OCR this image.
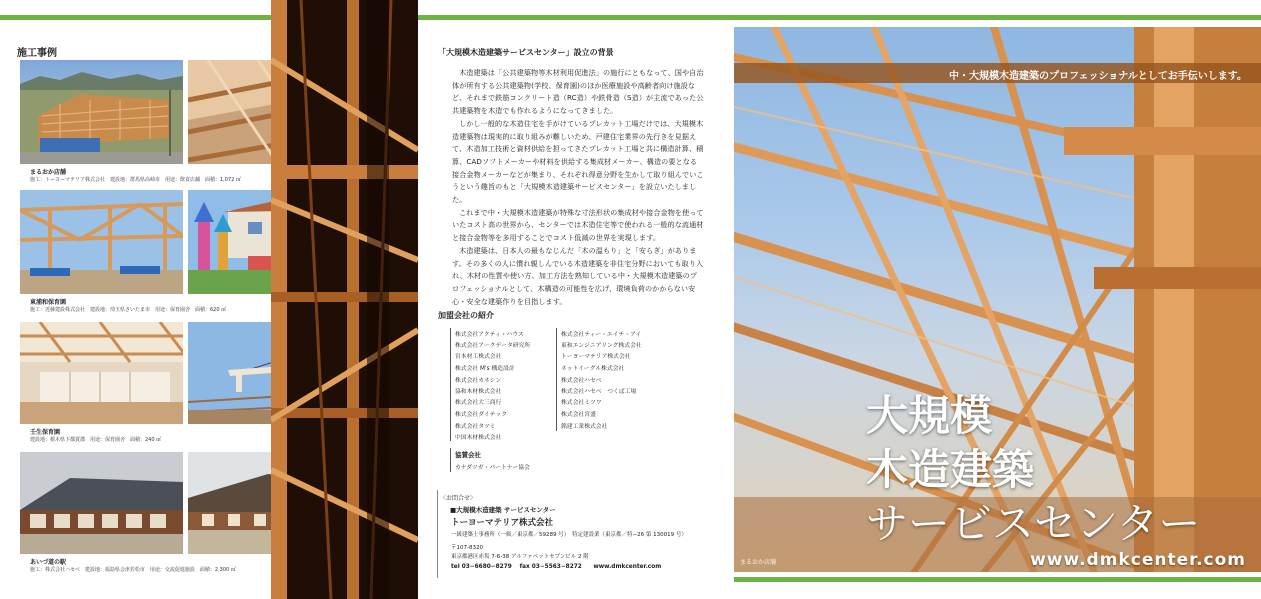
施工事例
まるおか店舗
施工：トーヨーマテリア株式会社　建設地：群馬県高崎市　用途：飲食店舗　面積：1,072 ㎡
東浦和保育園
施工：近藤建設株式会社　建設地：埼玉県さいたま市　用途：保育園舎　面積：620 ㎡
壬生保育園
建設地：栃木県下都賀郡　用途：保育園舎　面積：240 ㎡
あいづ道の駅
施工：株式会社ハセベ　建設地：福島県会津若松市　用途：交流促進施設　面積：2,300 ㎡
「大規模木造建築サービスセンター」設立の背景

木造建築は「公共建築物等木材利用促進法」の施行にともなって、国や自治体が所有する公共建築物(学校、保育園)のほか医療施設や高齢者向け施設など、それまで鉄筋コンクリート造（RC造）や鉄骨造（S造）が主流であった公共建築物を木造でも作れるようになってきました。

しかし一般的な木造住宅を手がけているプレカット工場だけでは、大規模木造建築物は現実的に取り組みが難しいため、戸建住宅業界の先行きを見据えて、木造加工技術と資材供給を担ってきたプレカット工場と共に構造計算、積算、CADソフトメーカーや材料を供給する集成材メーカー、構造の要となる接合金物メーカーなどが集まり、それぞれ得意分野を生かして取り組んでいこうという趣旨のもと「大規模木造建築サービスセンター」を設立いたしました。

これまで中・大規模木造建築が特殊な寸法形状の集成材や接合金物を使っていたコスト高の世界から、センターでは木造住宅等で使われる一般的な流通材と接合金物等を多用することでコスト低減の世界を実現します。

木造建築は、日本人の最もなじんだ「木の温もり」と「安らぎ」があります。その多くの人に慣れ親しんでいる木造建築を非住宅分野においても取り入れ、木材の性質や使い方、加工方法を熟知している中・大規模木造建築のプロフェッショナルとして、木構造の可能性を広げ、環境負荷のかからない安心・安全な建築作りを目指します。

加盟会社の紹介
株式会社アクティ・ハウス
株式会社アークデータ研究所
宮本材工株式会社
株式会社 M's 構造設計
株式会社カネシン
協和木材株式会社
株式会社大三商行
株式会社ダイテック
株式会社タツミ
中国木材株式会社
株式会社ティー・エイチ・アイ
東和エンジニアリング株式会社
トーヨーマテリア株式会社
ネットイーグル株式会社
株式会社ハセベ
株式会社ハセベ　つくば工場
株式会社ミツワ
株式会社宮盛
銘建工業株式会社
協賛会社
カナダツガ・パートナー協会
〈お問合せ〉
■大規模木造建築 サービスセンター
トーヨーマテリア株式会社
一級建築士事務所（一級／東京都／59289 号）　特定建設業（東京都／特−26 第 130019 号）
〒107-8320
東京都港区赤坂 7-6-38 アルファベットセブンビル 2 階
tel 03−6680−8279　 fax 03−5563−8272　　www.dmkcenter.com
中・大規模木造建築のプロフェッショナルとしてお手伝いします。
大規模
木造建築
サービスセンター
www.dmkcenter.com
まるおか店舗
